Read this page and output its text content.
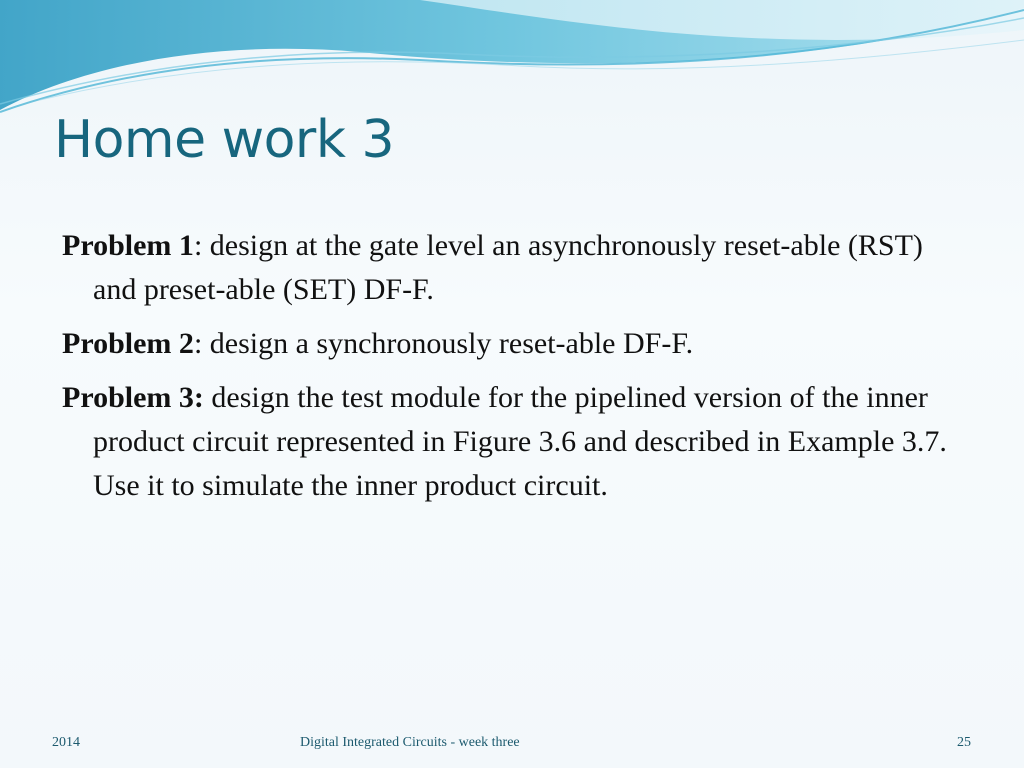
Home work 3

Problem 1: design at the gate level an asynchronously reset-able (RST) and preset-able (SET) DF-F.

Problem 2: design a synchronously reset-able DF-F.

Problem 3: design the test module for the pipelined version of the inner product circuit represented in Figure 3.6 and described in Example 3.7. Use it to simulate the inner product circuit.

2014	Digital Integrated Circuits - week three	25
